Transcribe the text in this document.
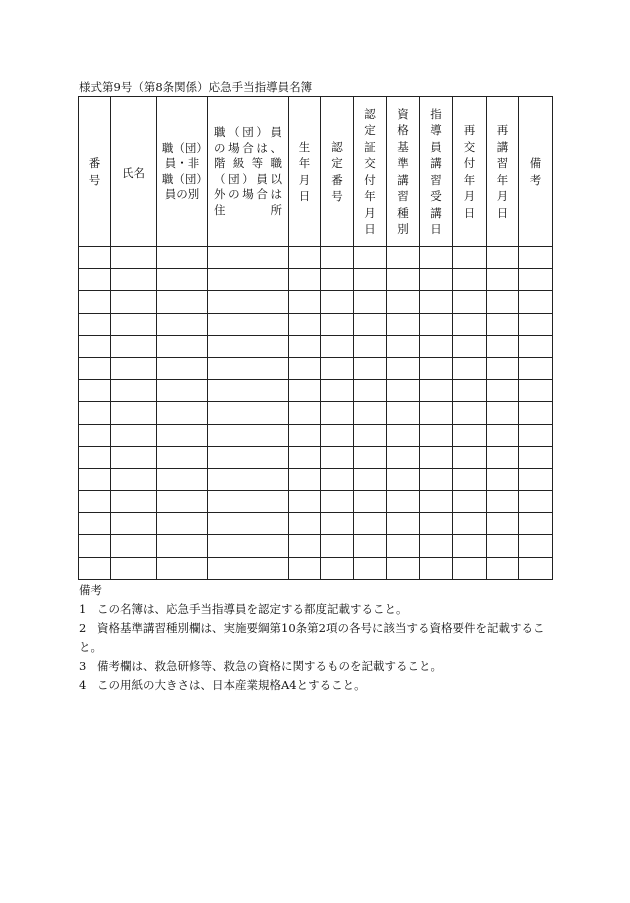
様式第9号（第8条関係）応急手当指導員名簿
番号	氏名	職（団）員・非職（団）員の別	職（団）員の場合は、階級等職（団）員以外の場合は住所	生年月日	認定番号	認定証交付年月日	資格基準講習種別	指導員講習受講日	再交付年月日	再講習年月日	備考

備考
1 この名簿は、応急手当指導員を認定する都度記載すること。
2 資格基準講習種別欄は、実施要綱第10条第2項の各号に該当する資格要件を記載すること。
3 備考欄は、救急研修等、救急の資格に関するものを記載すること。
4 この用紙の大きさは、日本産業規格A4とすること。
